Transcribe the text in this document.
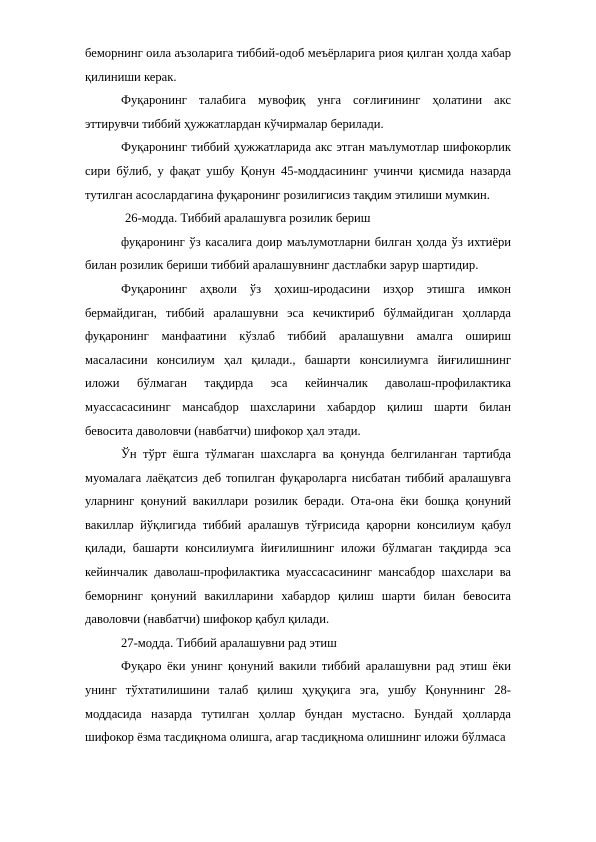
беморнинг оила аъзоларига тиббий-одоб меъёрларига риоя қилган ҳолда хабар қилиниши керак.

Фуқаронинг талабига мувофиқ унга соғлиғининг ҳолатини акс эттирувчи тиббий ҳужжатлардан кўчирмалар берилади.

Фуқаронинг тиббий ҳужжатларида акс этган маълумотлар шифокорлик сири бўлиб, у фақат ушбу Қонун 45-моддасининг учинчи қисмида назарда тутилган асослардагина фуқаронинг розилигисиз тақдим этилиши мумкин.

26-модда. Тиббий аралашувга розилик бериш

фуқаронинг ўз касалига доир маълумотларни билган ҳолда ўз ихтиёри билан розилик бериши тиббий аралашувнинг дастлабки зарур шартидир.

Фуқаронинг аҳволи ўз ҳохиш-иродасини изҳор этишга имкон бермайдиган, тиббий аралашувни эса кечиктириб бўлмайдиган ҳолларда фуқаронинг манфаатини кўзлаб тиббий аралашувни амалга ошириш масаласини консилиум ҳал қилади., башарти консилиумга йиғилишнинг иложи бўлмаган тақдирда эса кейинчалик даволаш-профилактика муассасасининг мансабдор шахсларини хабардор қилиш шарти билан бевосита даволовчи (навбатчи) шифокор ҳал этади.

Ўн тўрт ёшга тўлмаган шахсларга ва қонунда белгиланган тартибда муомалага лаёқатсиз деб топилган фуқароларга нисбатан тиббий аралашувга уларнинг қонуний вакиллари розилик беради. Ота-она ёки бошқа қонуний вакиллар йўқлигида тиббий аралашув тўғрисида қарорни консилиум қабул қилади, башарти консилиумга йиғилишнинг иложи бўлмаган тақдирда эса кейинчалик даволаш-профилактика муассасасининг мансабдор шахслари ва беморнинг қонуний вакилларини хабардор қилиш шарти билан бевосита даволовчи (навбатчи) шифокор қабул қилади.

27-модда. Тиббий аралашувни рад этиш

Фуқаро ёки унинг қонуний вакили тиббий аралашувни рад этиш ёки унинг тўхтатилишини талаб қилиш ҳуқуқига эга, ушбу Қонуннинг 28-моддасида назарда тутилган ҳоллар бундан мустасно. Бундай ҳолларда шифокор ёзма тасдиқнома олишга, агар тасдиқнома олишнинг иложи бўлмаса
